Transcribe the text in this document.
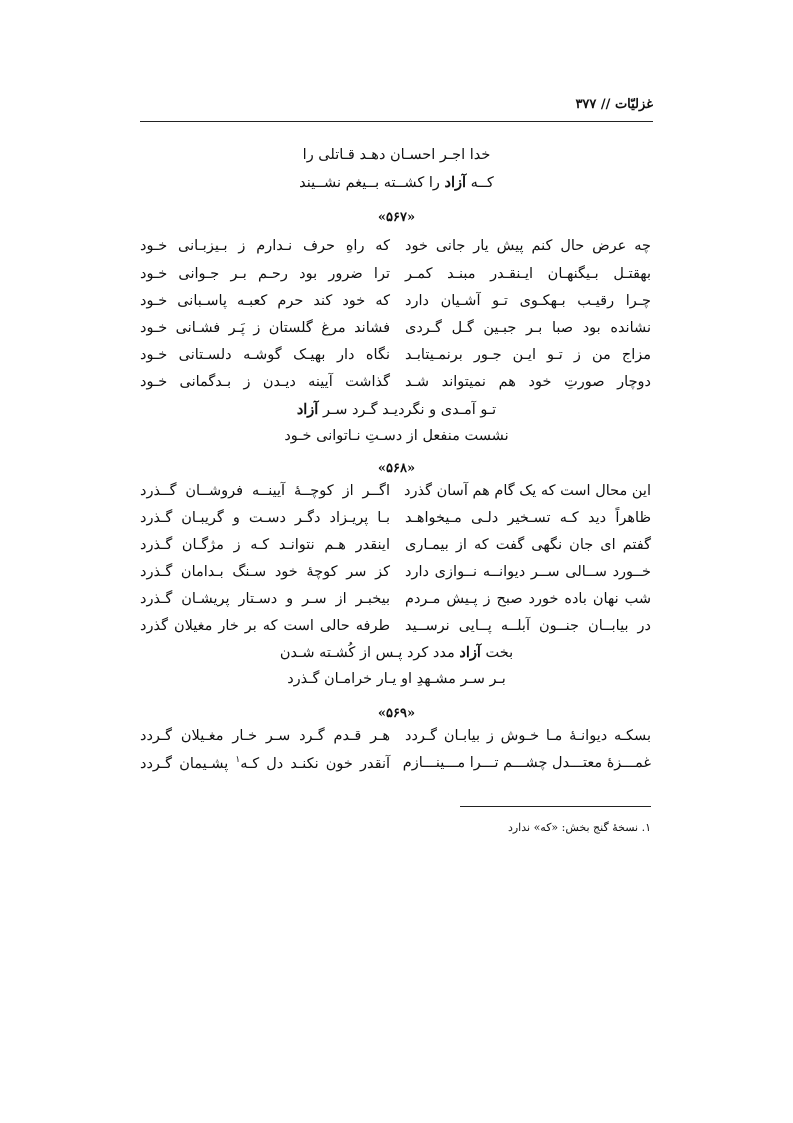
غزلیّات // ۳۷۷
خدا اجـر احسـان دهـد قـاتلی را
کــه آزاد را کشــته بــیغم نشــیند
«۵۶۷»
چه عرض حال کنم پیش یار جانی خود
که راهِ حرف نـدارم ز بـیزبـانی خـود
بهقتـل بـیگنهـان ایـنقـدر مبنـد کمـر
ترا ضرور بود رحـم بـر جـوانی خـود
چـرا رقیـب بـهکـوی تـو آشـیان دارد
که خود کند حرم کعبـه پاسـبانی خـود
نشانده بود صبا بـر جبـین گـل گـردی
فشاند مرغ گلستان ز پَـر فشـانی خـود
مزاج من ز تـو ایـن جـور برنمـیتابـد
نگاه دار بهیـک گوشـه دلسـتانی خـود
دوچار صورتِ خود هم نمیتواند شـد
گذاشت آیینه دیـدن ز بـدگمانی خـود
تـو آمـدی و نگردیـد گـرد سـر آزاد
نشست منفعل از دسـتِ نـاتوانی خـود
«۵۶۸»
این محال است که یک گام هم آسان گذرد
اگــر از کوچــهٔ آیینــه فروشــان گــذرد
ظاهراً دید کـه تسـخیر دلـی مـیخواهـد
بـا پریـزاد دگـر دسـت و گریبـان گـذرد
گفتم ای جان نگهی گفت که از بیمـاری
اینقدر هـم نتوانـد کـه ز مژگـان گـذرد
خــورد ســالی ســر دیوانــه نــوازی دارد
کز سر کوچهٔ خود سـنگ بـدامان گـذرد
شب نهان باده خورد صبح ز پـیش مـردم
بیخبـر از سـر و دسـتار پریشـان گـذرد
در بیابــان جنــون آبلــه پــایی نرســید
طرفه حالی است که بر خار مغیلان گذرد
بخت آزاد مدد کرد پـس از کُشـته شـدن
بـر سـر مشـهدِ او یـار خرامـان گـذرد
«۵۶۹»
بسکـه دیوانـهٔ مـا خـوش ز بیابـان گـردد
هـر قـدم گـرد سـر خـار مغـیلان گـردد
غمـــزهٔ معتـــدل چشـــم تـــرا مـــینـــازم
آنقدر خون نکنـد دل کـه$^۱$ پشـیمان گـردد
۱. نسخهٔ گنج بخش: «که» ندارد
